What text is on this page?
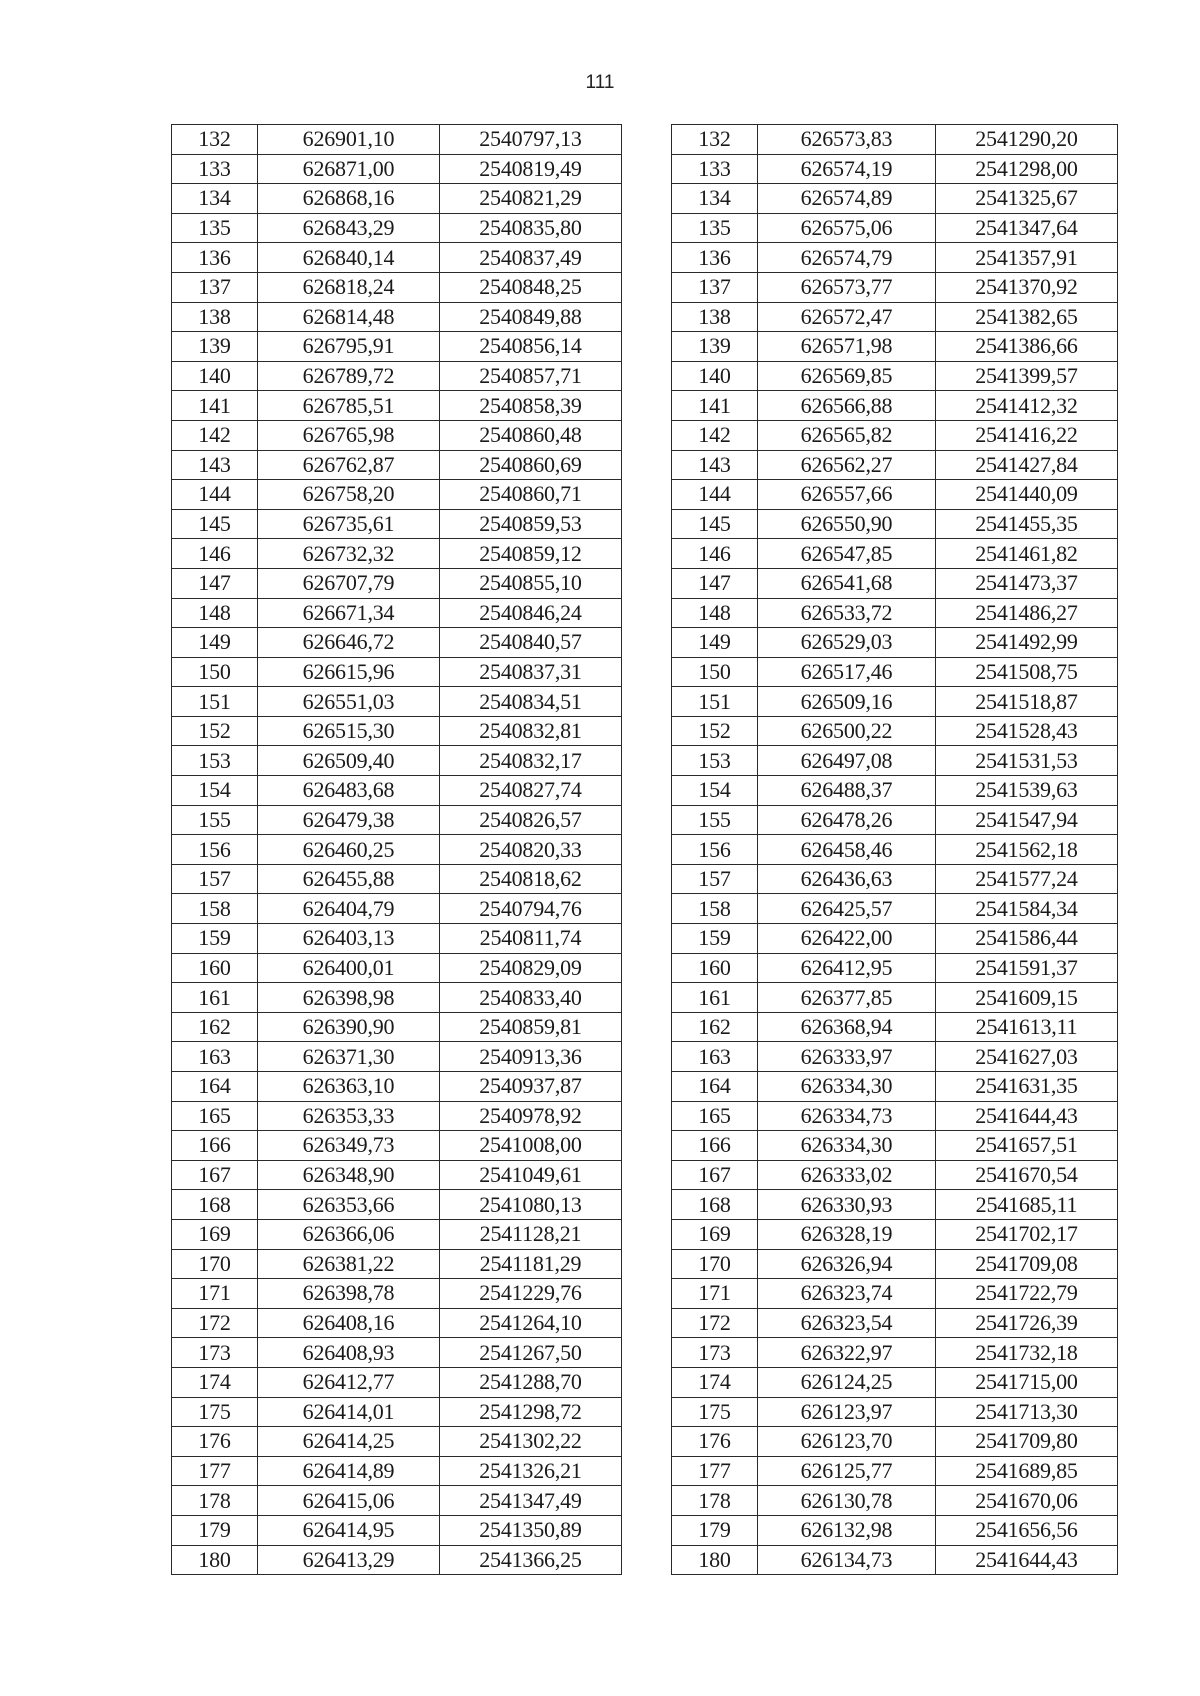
111
132	626901,10	2540797,13		132	626573,83	2541290,20
133	626871,00	2540819,49		133	626574,19	2541298,00
134	626868,16	2540821,29		134	626574,89	2541325,67
135	626843,29	2540835,80		135	626575,06	2541347,64
136	626840,14	2540837,49		136	626574,79	2541357,91
137	626818,24	2540848,25		137	626573,77	2541370,92
138	626814,48	2540849,88		138	626572,47	2541382,65
139	626795,91	2540856,14		139	626571,98	2541386,66
140	626789,72	2540857,71		140	626569,85	2541399,57
141	626785,51	2540858,39		141	626566,88	2541412,32
142	626765,98	2540860,48		142	626565,82	2541416,22
143	626762,87	2540860,69		143	626562,27	2541427,84
144	626758,20	2540860,71		144	626557,66	2541440,09
145	626735,61	2540859,53		145	626550,90	2541455,35
146	626732,32	2540859,12		146	626547,85	2541461,82
147	626707,79	2540855,10		147	626541,68	2541473,37
148	626671,34	2540846,24		148	626533,72	2541486,27
149	626646,72	2540840,57		149	626529,03	2541492,99
150	626615,96	2540837,31		150	626517,46	2541508,75
151	626551,03	2540834,51		151	626509,16	2541518,87
152	626515,30	2540832,81		152	626500,22	2541528,43
153	626509,40	2540832,17		153	626497,08	2541531,53
154	626483,68	2540827,74		154	626488,37	2541539,63
155	626479,38	2540826,57		155	626478,26	2541547,94
156	626460,25	2540820,33		156	626458,46	2541562,18
157	626455,88	2540818,62		157	626436,63	2541577,24
158	626404,79	2540794,76		158	626425,57	2541584,34
159	626403,13	2540811,74		159	626422,00	2541586,44
160	626400,01	2540829,09		160	626412,95	2541591,37
161	626398,98	2540833,40		161	626377,85	2541609,15
162	626390,90	2540859,81		162	626368,94	2541613,11
163	626371,30	2540913,36		163	626333,97	2541627,03
164	626363,10	2540937,87		164	626334,30	2541631,35
165	626353,33	2540978,92		165	626334,73	2541644,43
166	626349,73	2541008,00		166	626334,30	2541657,51
167	626348,90	2541049,61		167	626333,02	2541670,54
168	626353,66	2541080,13		168	626330,93	2541685,11
169	626366,06	2541128,21		169	626328,19	2541702,17
170	626381,22	2541181,29		170	626326,94	2541709,08
171	626398,78	2541229,76		171	626323,74	2541722,79
172	626408,16	2541264,10		172	626323,54	2541726,39
173	626408,93	2541267,50		173	626322,97	2541732,18
174	626412,77	2541288,70		174	626124,25	2541715,00
175	626414,01	2541298,72		175	626123,97	2541713,30
176	626414,25	2541302,22		176	626123,70	2541709,80
177	626414,89	2541326,21		177	626125,77	2541689,85
178	626415,06	2541347,49		178	626130,78	2541670,06
179	626414,95	2541350,89		179	626132,98	2541656,56
180	626413,29	2541366,25		180	626134,73	2541644,43
